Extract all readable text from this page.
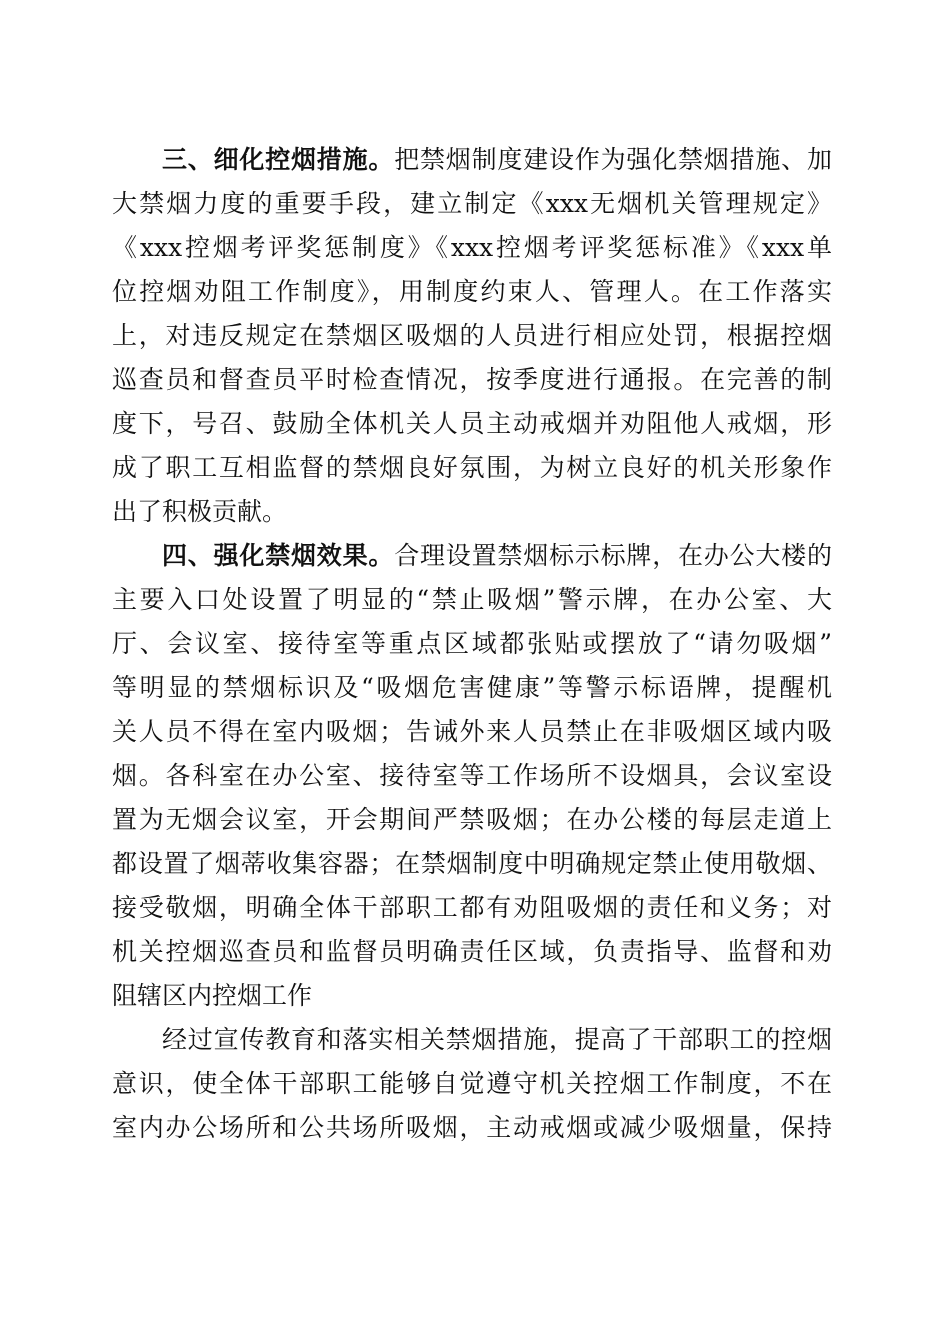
三、细化控烟措施。把禁烟制度建设作为强化禁烟措施、加
大禁烟力度的重要手段，建立制定《xxx无烟机关管理规定》
《xxx控烟考评奖惩制度》《xxx控烟考评奖惩标准》《xxx单
位控烟劝阻工作制度》，用制度约束人、管理人。在工作落实
上，对违反规定在禁烟区吸烟的人员进行相应处罚，根据控烟
巡查员和督查员平时检查情况，按季度进行通报。在完善的制
度下，号召、鼓励全体机关人员主动戒烟并劝阻他人戒烟，形
成了职工互相监督的禁烟良好氛围，为树立良好的机关形象作
出了积极贡献。
四、强化禁烟效果。合理设置禁烟标示标牌，在办公大楼的
主要入口处设置了明显的“禁止吸烟”警示牌，在办公室、大
厅、会议室、接待室等重点区域都张贴或摆放了“请勿吸烟”
等明显的禁烟标识及“吸烟危害健康”等警示标语牌，提醒机
关人员不得在室内吸烟；告诫外来人员禁止在非吸烟区域内吸
烟。各科室在办公室、接待室等工作场所不设烟具，会议室设
置为无烟会议室，开会期间严禁吸烟；在办公楼的每层走道上
都设置了烟蒂收集容器；在禁烟制度中明确规定禁止使用敬烟、
接受敬烟，明确全体干部职工都有劝阻吸烟的责任和义务；对
机关控烟巡查员和监督员明确责任区域，负责指导、监督和劝
阻辖区内控烟工作
经过宣传教育和落实相关禁烟措施，提高了干部职工的控烟
意识，使全体干部职工能够自觉遵守机关控烟工作制度，不在
室内办公场所和公共场所吸烟，主动戒烟或减少吸烟量，保持
